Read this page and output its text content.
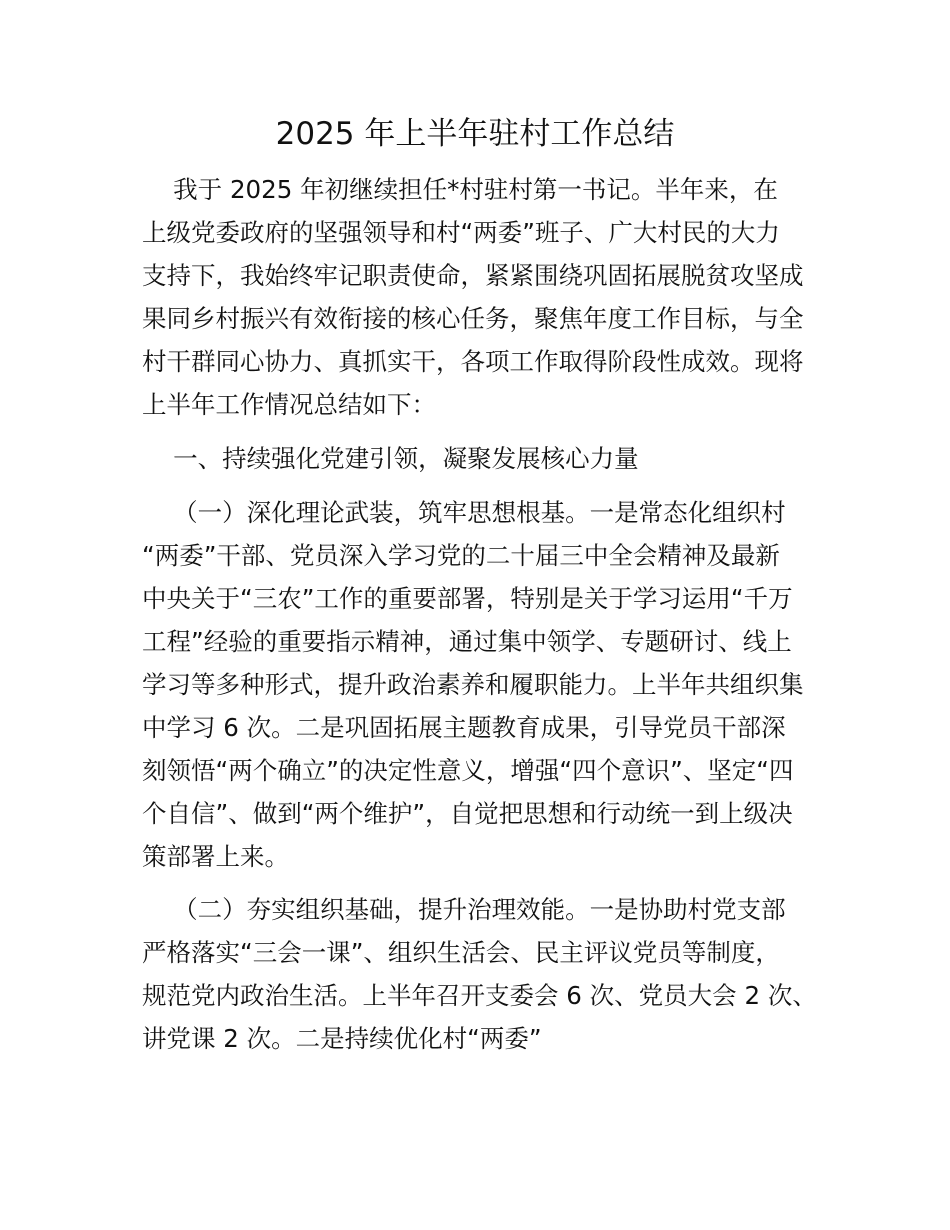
2025 年上半年驻村工作总结

我于 2025 年初继续担任*村驻村第一书记。半年来，在

上级党委政府的坚强领导和村“两委”班子、广大村民的大力

支持下，我始终牢记职责使命，紧紧围绕巩固拓展脱贫攻坚成

果同乡村振兴有效衔接的核心任务，聚焦年度工作目标，与全

村干群同心协力、真抓实干，各项工作取得阶段性成效。现将

上半年工作情况总结如下：

一、持续强化党建引领，凝聚发展核心力量

（一）深化理论武装，筑牢思想根基。一是常态化组织村

“两委”干部、党员深入学习党的二十届三中全会精神及最新

中央关于“三农”工作的重要部署，特别是关于学习运用“千万

工程”经验的重要指示精神，通过集中领学、专题研讨、线上

学习等多种形式，提升政治素养和履职能力。上半年共组织集

中学习 6 次。二是巩固拓展主题教育成果，引导党员干部深

刻领悟“两个确立”的决定性意义，增强“四个意识”、坚定“四

个自信”、做到“两个维护”，自觉把思想和行动统一到上级决

策部署上来。

（二）夯实组织基础，提升治理效能。一是协助村党支部

严格落实“三会一课”、组织生活会、民主评议党员等制度，

规范党内政治生活。上半年召开支委会 6 次、党员大会 2 次、

讲党课 2 次。二是持续优化村“两委”
